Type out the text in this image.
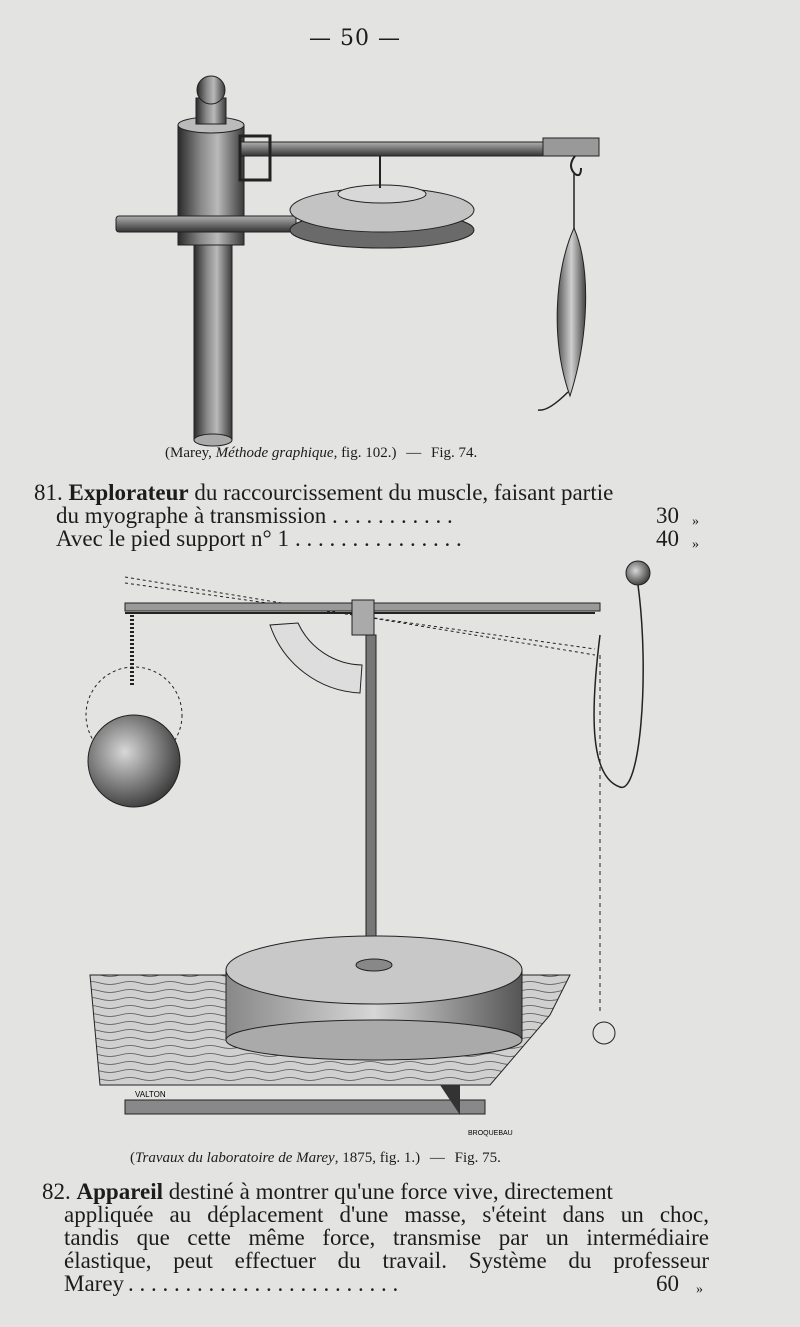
— 50 —
(Marey, Méthode graphique, fig. 102.) — Fig. 74.
81. Explorateur du raccourcissement du muscle, faisant partie
du myographe à transmission . . . . . . . . . . .	30 »
Avec le pied support n° 1 . . . . . . . . . . . . . . .	40 »
VALTON
BROQUEBAU
(Travaux du laboratoire de Marey, 1875, fig. 1.) — Fig. 75.
82. Appareil destiné à montrer qu'une force vive, directement
appliquée au déplacement d'une masse, s'éteint dans un choc,
tandis que cette même force, transmise par un intermédiaire
élastique, peut effectuer du travail. Système du professeur
Marey . . . . . . . . . . . . . . . . . . . . . . . .	60 »
